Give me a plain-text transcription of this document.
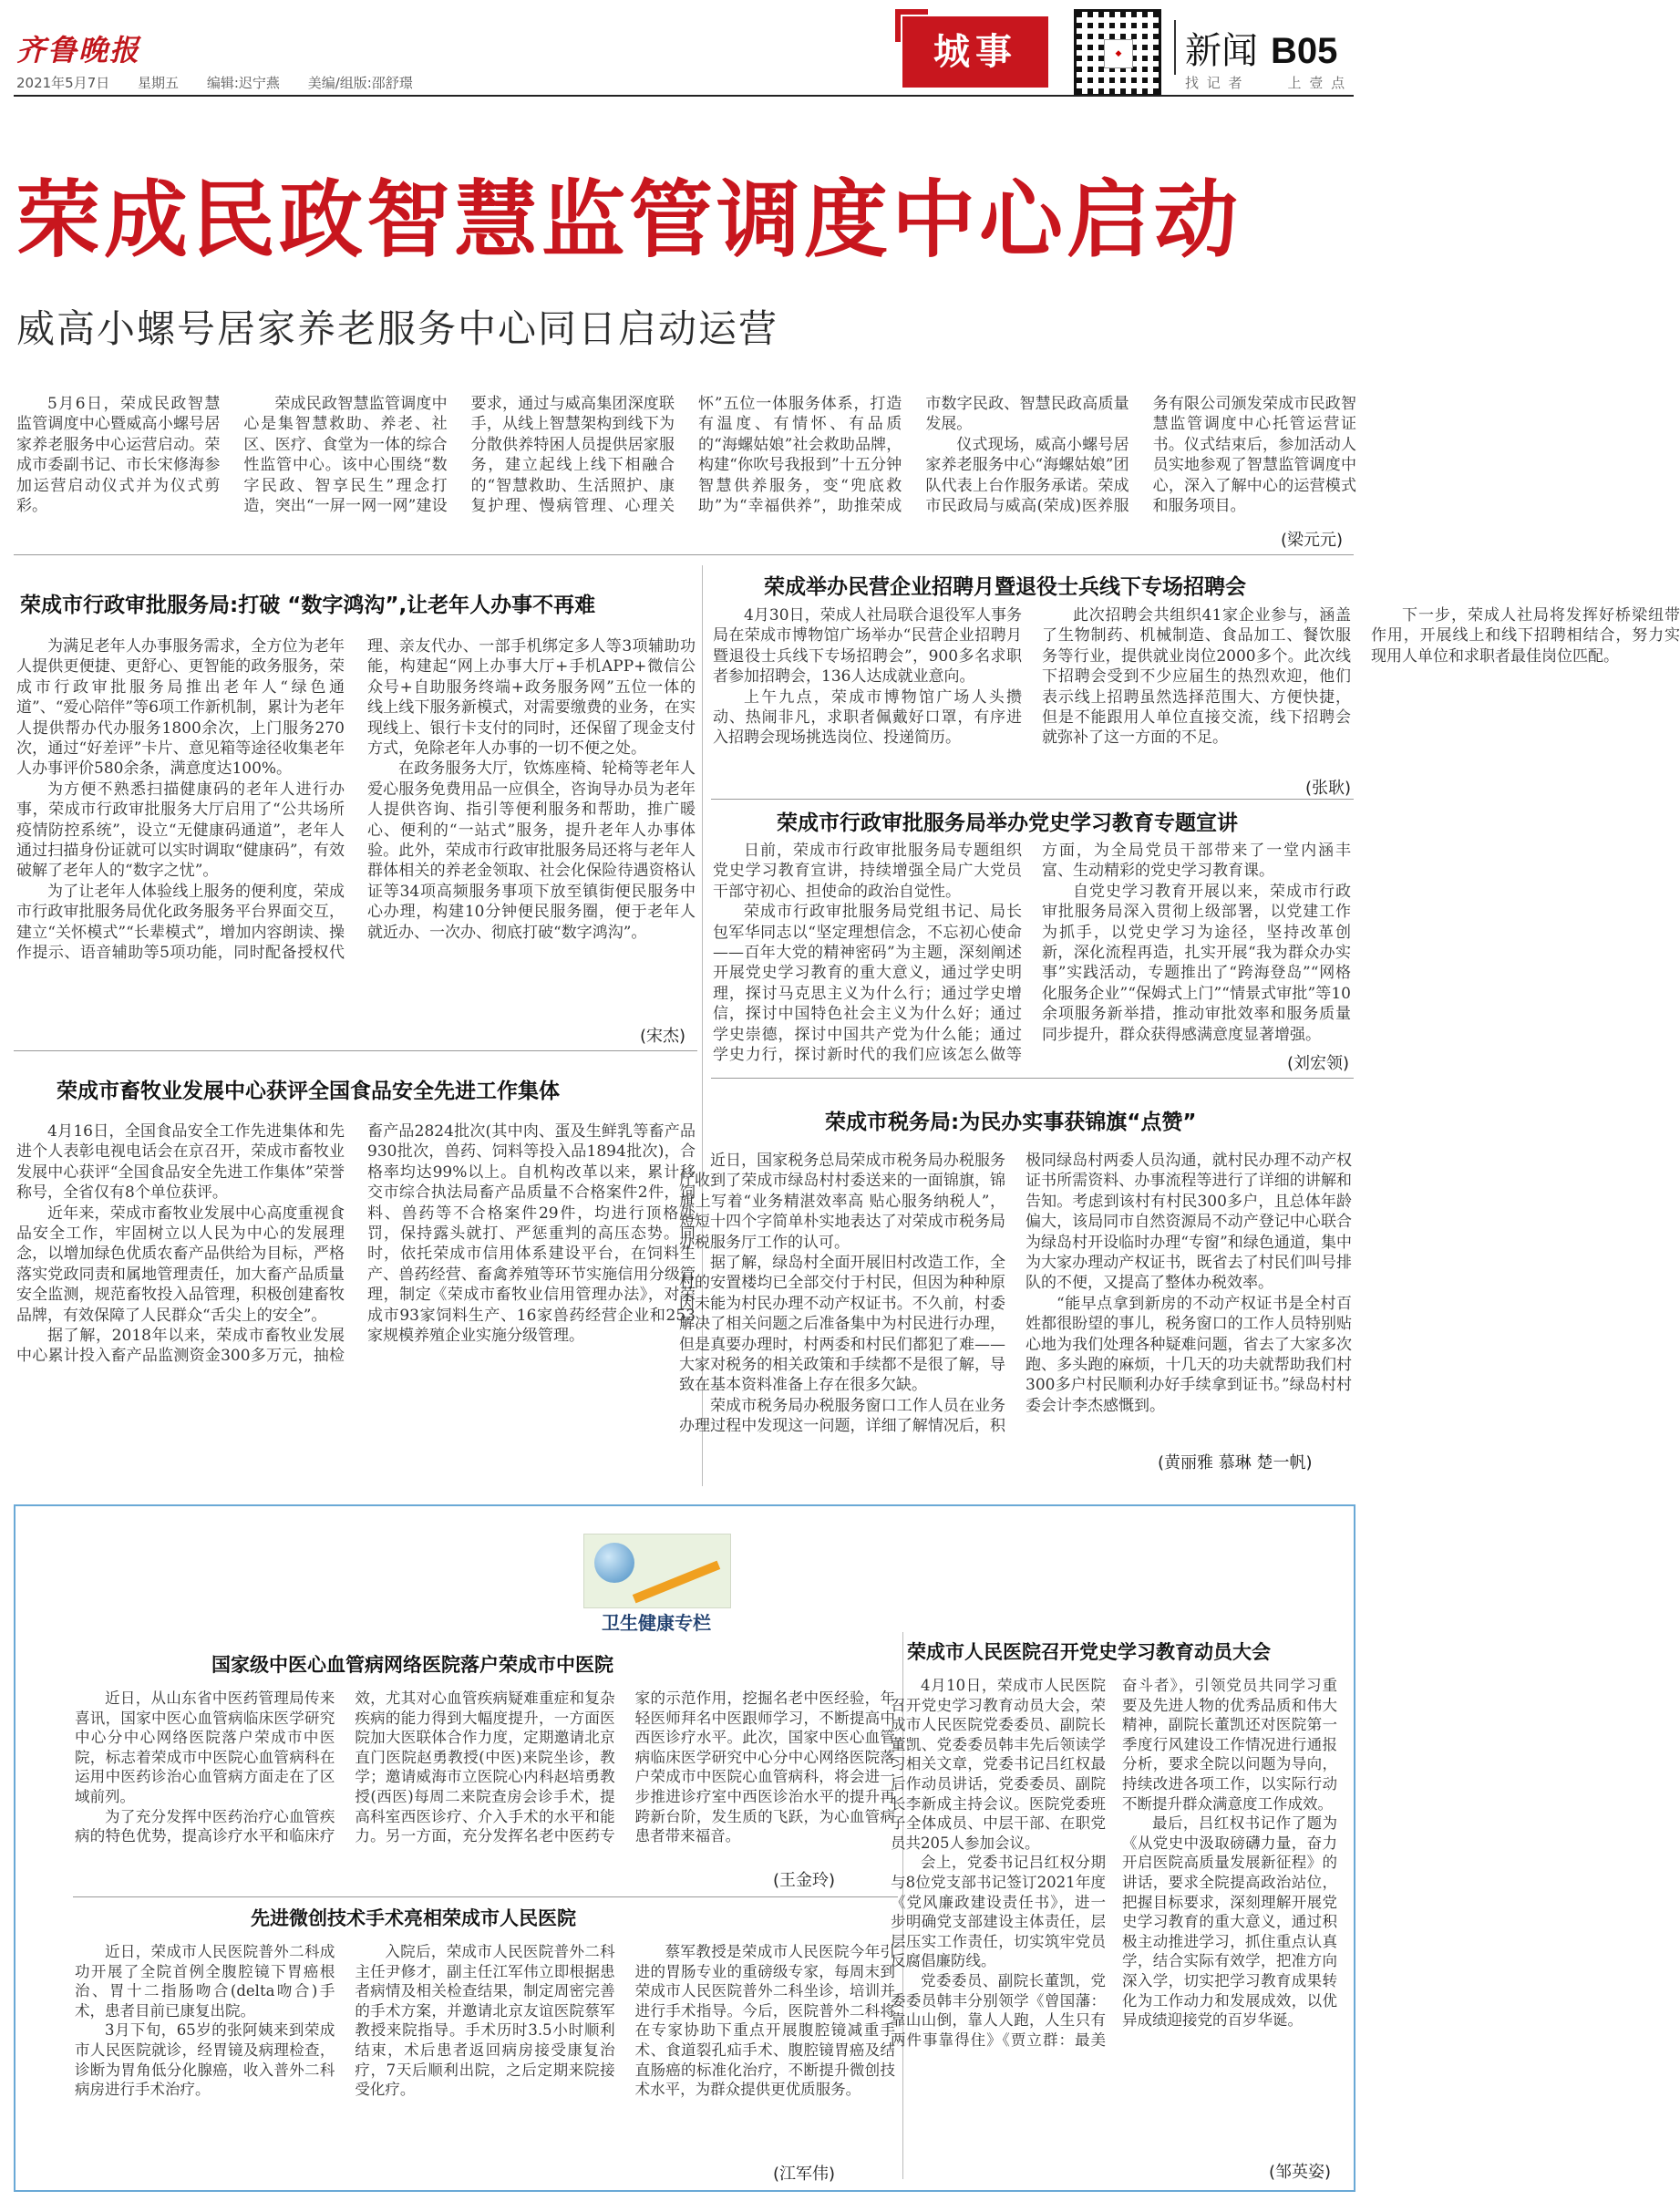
齐鲁晚报
2021年5月7日 星期五 编辑:迟宁燕 美编/组版:邵舒璟
城事	◆	新闻 B05
找 记 者	上 壹 点
荣成民政智慧监管调度中心启动
威高小螺号居家养老服务中心同日启动运营

5月6日，荣成民政智慧监管调度中心暨威高小螺号居家养老服务中心运营启动。荣成市委副书记、市长宋修海参加运营启动仪式并为仪式剪彩。

荣成民政智慧监管调度中心是集智慧救助、养老、社区、医疗、食堂为一体的综合性监管中心。该中心围绕“数字民政、智享民生”理念打造，突出“一屏一网一网”建设要求，通过与威高集团深度联手，从线上智慧架构到线下为分散供养特困人员提供居家服务，建立起线上线下相融合的“智慧救助、生活照护、康复护理、慢病管理、心理关怀”五位一体服务体系，打造有温度、有情怀、有品质的“海螺姑娘”社会救助品牌，构建“你吹号我报到”十五分钟智慧供养服务，变“兜底救助”为“幸福供养”，助推荣成市数字民政、智慧民政高质量发展。

仪式现场，威高小螺号居家养老服务中心“海螺姑娘”团队代表上台作服务承诺。荣成市民政局与威高(荣成)医养服务有限公司颁发荣成市民政智慧监管调度中心托管运营证书。仪式结束后，参加活动人员实地参观了智慧监管调度中心，深入了解中心的运营模式和服务项目。

(梁元元)
荣成市行政审批服务局:打破 “数字鸿沟”,让老年人办事不再难

为满足老年人办事服务需求，全方位为老年人提供更便捷、更舒心、更智能的政务服务，荣成市行政审批服务局推出老年人“绿色通道”、“爱心陪伴”等6项工作新机制，累计为老年人提供帮办代办服务1800余次，上门服务270次，通过“好差评”卡片、意见箱等途径收集老年人办事评价580余条，满意度达100%。

为方便不熟悉扫描健康码的老年人进行办事，荣成市行政审批服务大厅启用了“公共场所疫情防控系统”，设立“无健康码通道”，老年人通过扫描身份证就可以实时调取“健康码”，有效破解了老年人的“数字之忧”。

为了让老年人体验线上服务的便利度，荣成市行政审批服务局优化政务服务平台界面交互，建立“关怀模式”“长辈模式”，增加内容朗读、操作提示、语音辅助等5项功能，同时配备授权代理、亲友代办、一部手机绑定多人等3项辅助功能，构建起“网上办事大厅+手机APP+微信公众号+自助服务终端+政务服务网”五位一体的线上线下服务新模式，对需要缴费的业务，在实现线上、银行卡支付的同时，还保留了现金支付方式，免除老年人办事的一切不便之处。

在政务服务大厅，钦炼座椅、轮椅等老年人爱心服务免费用品一应俱全，咨询导办员为老年人提供咨询、指引等便利服务和帮助，推广暖心、便利的“一站式”服务，提升老年人办事体验。此外，荣成市行政审批服务局还将与老年人群体相关的养老金领取、社会化保险待遇资格认证等34项高频服务事项下放至镇街便民服务中心办理，构建10分钟便民服务圈，便于老年人就近办、一次办、彻底打破“数字鸿沟”。

(宋杰)
荣成市畜牧业发展中心获评全国食品安全先进工作集体

4月16日，全国食品安全工作先进集体和先进个人表彰电视电话会在京召开，荣成市畜牧业发展中心获评“全国食品安全先进工作集体”荣誉称号，全省仅有8个单位获评。

近年来，荣成市畜牧业发展中心高度重视食品安全工作，牢固树立以人民为中心的发展理念，以增加绿色优质农畜产品供给为目标，严格落实党政同责和属地管理责任，加大畜产品质量安全监测，规范畜牧投入品管理，积极创建畜牧品牌，有效保障了人民群众“舌尖上的安全”。

据了解，2018年以来，荣成市畜牧业发展中心累计投入畜产品监测资金300多万元，抽检畜产品2824批次(其中肉、蛋及生鲜乳等畜产品930批次，兽药、饲料等投入品1894批次)，合格率均达99%以上。自机构改革以来，累计移交市综合执法局畜产品质量不合格案件2件，饲料、兽药等不合格案件29件，均进行顶格处罚，保持露头就打、严惩重判的高压态势。同时，依托荣成市信用体系建设平台，在饲料生产、兽药经营、畜禽养殖等环节实施信用分级管理，制定《荣成市畜牧业信用管理办法》，对荣成市93家饲料生产、16家兽药经营企业和253家规模养殖企业实施分级管理。

荣成举办民营企业招聘月暨退役士兵线下专场招聘会

4月30日，荣成人社局联合退役军人事务局在荣成市博物馆广场举办“民营企业招聘月暨退役士兵线下专场招聘会”，900多名求职者参加招聘会，136人达成就业意向。

上午九点，荣成市博物馆广场人头攒动、热闹非凡，求职者佩戴好口罩，有序进入招聘会现场挑选岗位、投递简历。

此次招聘会共组织41家企业参与，涵盖了生物制药、机械制造、食品加工、餐饮服务等行业，提供就业岗位2000多个。此次线下招聘会受到不少应届生的热烈欢迎，他们表示线上招聘虽然选择范围大、方便快捷，但是不能跟用人单位直接交流，线下招聘会就弥补了这一方面的不足。

下一步，荣成人社局将发挥好桥梁纽带作用，开展线上和线下招聘相结合，努力实现用人单位和求职者最佳岗位匹配。

(张耿)
荣成市行政审批服务局举办党史学习教育专题宣讲

日前，荣成市行政审批服务局专题组织党史学习教育宣讲，持续增强全局广大党员干部守初心、担使命的政治自觉性。

荣成市行政审批服务局党组书记、局长包军华同志以“坚定理想信念，不忘初心使命——百年大党的精神密码”为主题，深刻阐述开展党史学习教育的重大意义，通过学史明理，探讨马克思主义为什么行；通过学史增信，探讨中国特色社会主义为什么好；通过学史崇德，探讨中国共产党为什么能；通过学史力行，探讨新时代的我们应该怎么做等方面，为全局党员干部带来了一堂内涵丰富、生动精彩的党史学习教育课。

自党史学习教育开展以来，荣成市行政审批服务局深入贯彻上级部署，以党建工作为抓手，以党史学习为途径，坚持改革创新，深化流程再造，扎实开展“我为群众办实事”实践活动，专题推出了“跨海登岛”“网格化服务企业”“保姆式上门”“情景式审批”等10余项服务新举措，推动审批效率和服务质量同步提升，群众获得感满意度显著增强。

(刘宏领)
荣成市税务局:为民办实事获锦旗“点赞”

近日，国家税务总局荣成市税务局办税服务厅收到了荣成市绿岛村村委送来的一面锦旗，锦旗上写着“业务精湛效率高 贴心服务纳税人”，短短十四个字简单朴实地表达了对荣成市税务局办税服务厅工作的认可。

据了解，绿岛村全面开展旧村改造工作，全村的安置楼均已全部交付于村民，但因为种种原因未能为村民办理不动产权证书。不久前，村委解决了相关问题之后准备集中为村民进行办理，但是真要办理时，村两委和村民们都犯了难——大家对税务的相关政策和手续都不是很了解，导致在基本资料准备上存在很多欠缺。

荣成市税务局办税服务窗口工作人员在业务办理过程中发现这一问题，详细了解情况后，积极同绿岛村两委人员沟通，就村民办理不动产权证书所需资料、办事流程等进行了详细的讲解和告知。考虑到该村有村民300多户，且总体年龄偏大，该局同市自然资源局不动产登记中心联合为绿岛村开设临时办理“专窗”和绿色通道，集中为大家办理动产权证书，既省去了村民们叫号排队的不便，又提高了整体办税效率。

“能早点拿到新房的不动产权证书是全村百姓都很盼望的事儿，税务窗口的工作人员特别贴心地为我们处理各种疑难问题，省去了大家多次跑、多头跑的麻烦，十几天的功夫就帮助我们村300多户村民顺利办好手续拿到证书。”绿岛村村委会计李杰感慨到。

(黄丽雅 慕琳 楚一帆)
卫生健康专栏
国家级中医心血管病网络医院落户荣成市中医院

近日，从山东省中医药管理局传来喜讯，国家中医心血管病临床医学研究中心分中心网络医院落户荣成市中医院，标志着荣成市中医院心血管病科在运用中医药诊治心血管病方面走在了区域前列。

为了充分发挥中医药治疗心血管疾病的特色优势，提高诊疗水平和临床疗效，尤其对心血管疾病疑难重症和复杂疾病的能力得到大幅度提升，一方面医院加大医联体合作力度，定期邀请北京直门医院赵勇教授(中医)来院坐诊，教学；邀请威海市立医院心内科赵培勇教授(西医)每周二来院查房会诊手术，提高科室西医诊疗、介入手术的水平和能力。另一方面，充分发挥名老中医药专家的示范作用，挖掘名老中医经验，年轻医师拜名中医跟师学习，不断提高中西医诊疗水平。此次，国家中医心血管病临床医学研究中心分中心网络医院落户荣成市中医院心血管病科，将会进一步推进诊疗室中西医诊治水平的提升再跨新台阶，发生质的飞跃，为心血管病患者带来福音。

(王金玲)
先进微创技术手术亮相荣成市人民医院

近日，荣成市人民医院普外二科成功开展了全院首例全腹腔镜下胃癌根治、胃十二指肠吻合(delta吻合)手术，患者目前已康复出院。

3月下旬，65岁的张阿姨来到荣成市人民医院就诊，经胃镜及病理检查，诊断为胃角低分化腺癌，收入普外二科病房进行手术治疗。

入院后，荣成市人民医院普外二科主任尹修才，副主任江军伟立即根据患者病情及相关检查结果，制定周密完善的手术方案，并邀请北京友谊医院蔡军教授来院指导。手术历时3.5小时顺利结束，术后患者返回病房接受康复治疗，7天后顺利出院，之后定期来院接受化疗。

蔡军教授是荣成市人民医院今年引进的胃肠专业的重磅级专家，每周末到荣成市人民医院普外二科坐诊，培训并进行手术指导。今后，医院普外二科将在专家协助下重点开展腹腔镜减重手术、食道裂孔疝手术、腹腔镜胃癌及结直肠癌的标准化治疗，不断提升微创技术水平，为群众提供更优质服务。

(江军伟)
荣成市人民医院召开党史学习教育动员大会

4月10日，荣成市人民医院召开党史学习教育动员大会，荣成市人民医院党委委员、副院长董凯、党委委员韩丰先后领读学习相关文章，党委书记吕红权最后作动员讲话，党委委员、副院长李新成主持会议。医院党委班子全体成员、中层干部、在职党员共205人参加会议。

会上，党委书记吕红权分期与8位党支部书记签订2021年度《党风廉政建设责任书》，进一步明确党支部建设主体责任，层层压实工作责任，切实筑牢党员反腐倡廉防线。

党委委员、副院长董凯，党委委员韩丰分别领学《曾国藩：靠山山倒，靠人人跑，人生只有两件事靠得住》《贾立群：最美奋斗者》，引领党员共同学习重要及先进人物的优秀品质和伟大精神，副院长董凯还对医院第一季度行风建设工作情况进行通报分析，要求全院以问题为导向，持续改进各项工作，以实际行动不断提升群众满意度工作成效。

最后，吕红权书记作了题为《从党史中汲取磅礴力量，奋力开启医院高质量发展新征程》的讲话，要求全院提高政治站位，把握目标要求，深刻理解开展党史学习教育的重大意义，通过积极主动推进学习，抓住重点认真学，结合实际有效学，把准方向深入学，切实把学习教育成果转化为工作动力和发展成效，以优异成绩迎接党的百岁华诞。

(邹英姿)
